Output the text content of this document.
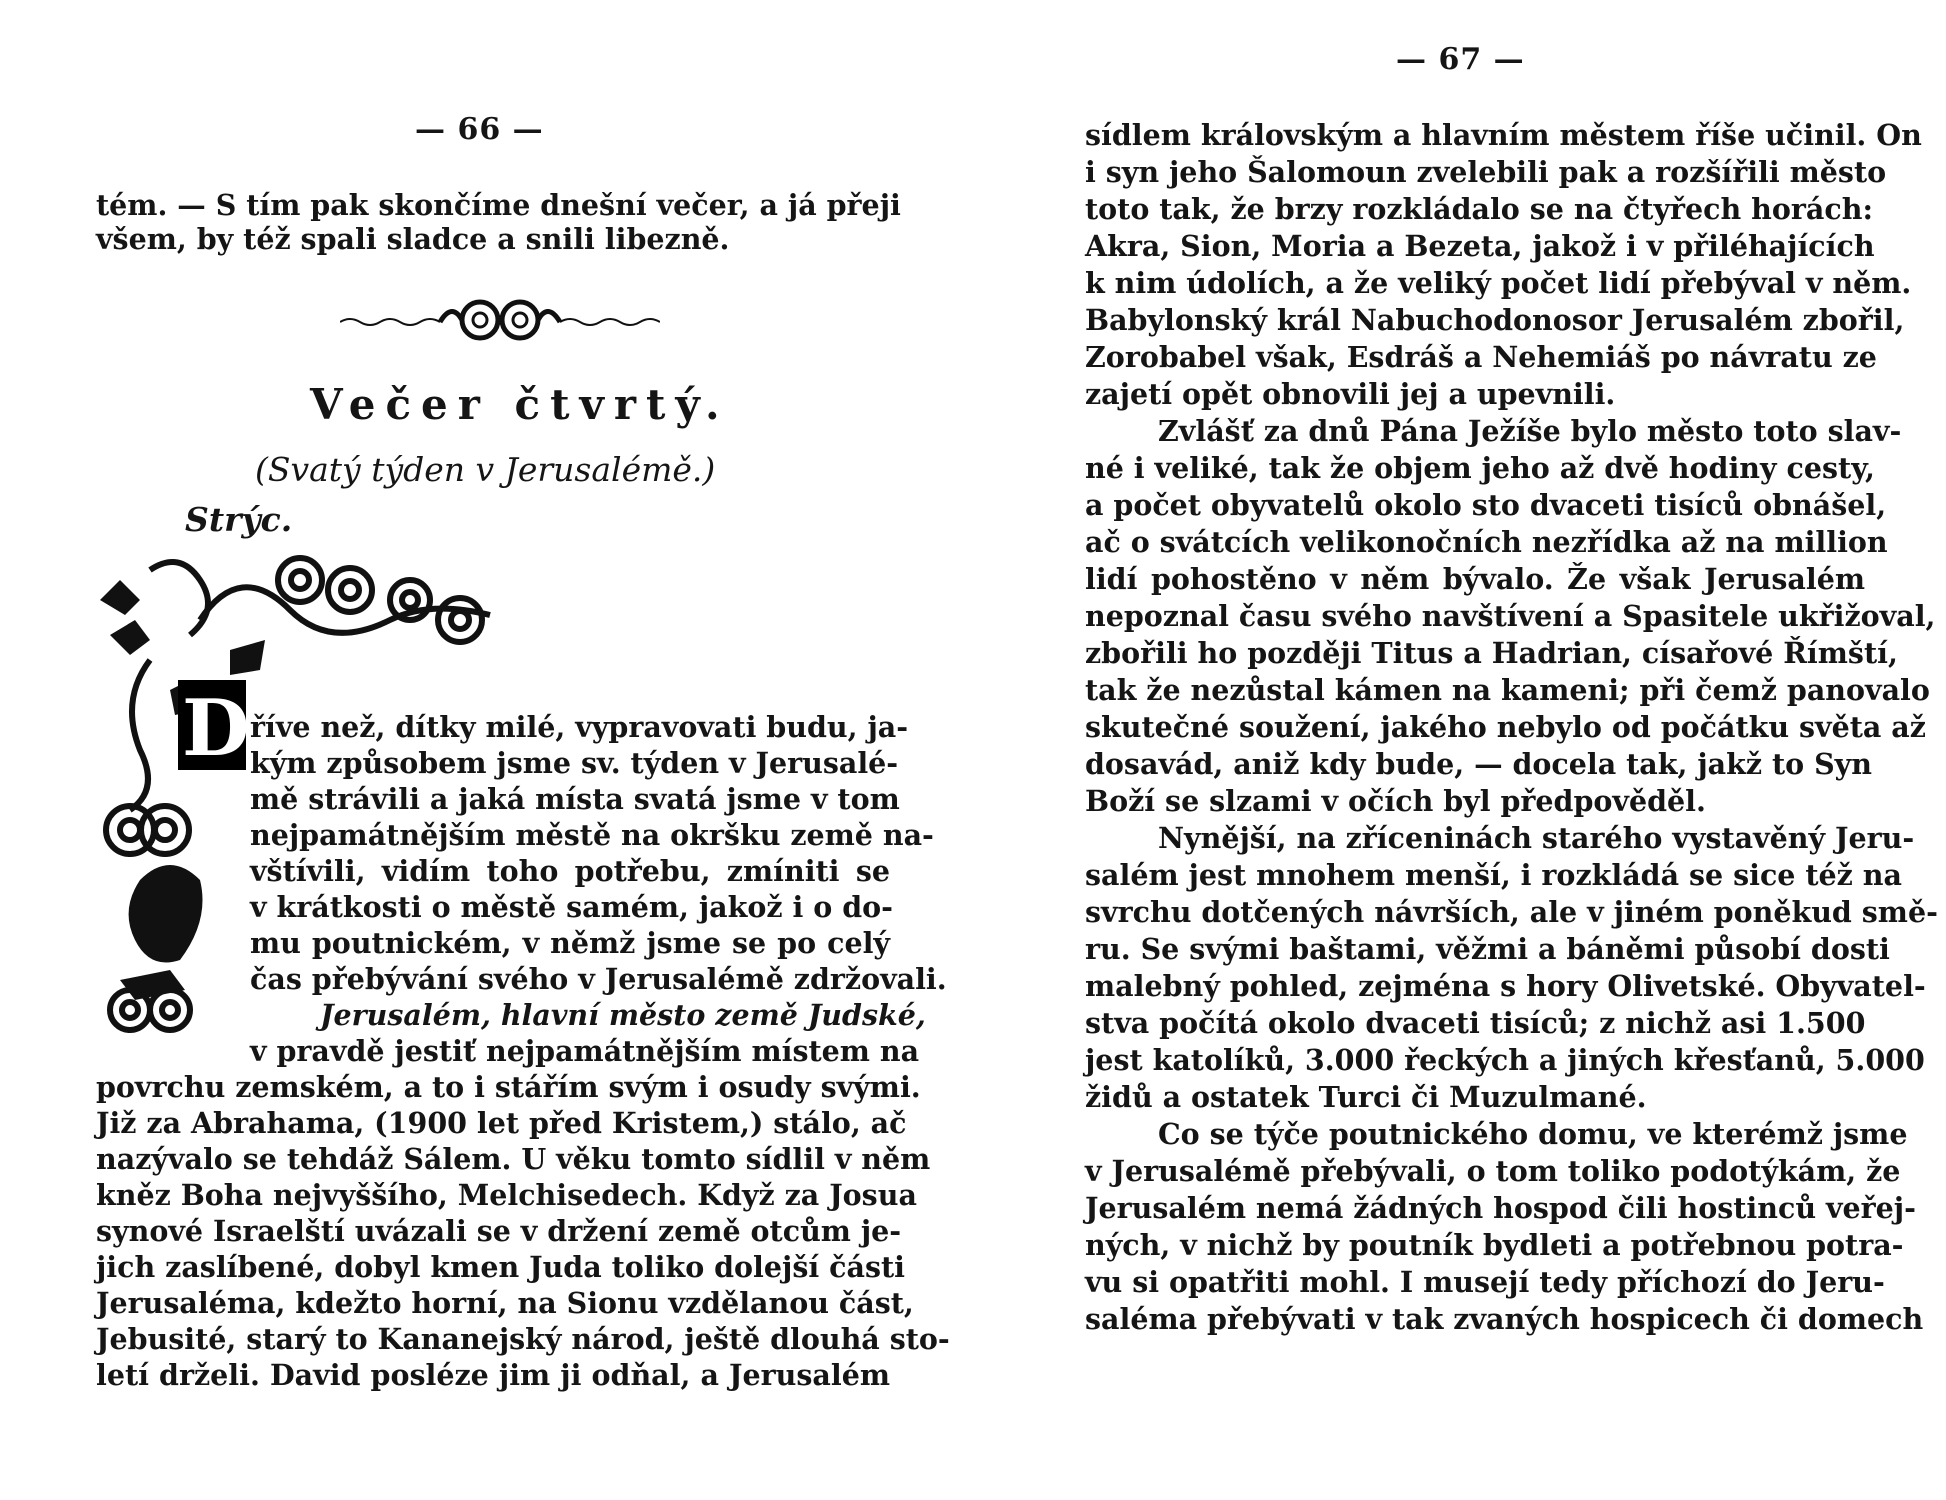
— 66 —
tém. — S tím pak skončíme dnešní večer, a já přeji
všem, by též spali sladce a snili libezně.
Večer čtvrtý.
(Svatý týden v Jerusalémě.)
Strýc.
D říve než, dítky milé, vypravovati budu, ja-
kým způsobem jsme sv. týden v Jerusalé-
mě strávili a jaká místa svatá jsme v tom
nejpamátnějším městě na okršku země na-
vštívili, vidím toho potřebu, zmíniti se
v krátkosti o městě samém, jakož i o do-
mu poutnickém, v němž jsme se po celý
čas přebývání svého v Jerusalémě zdržovali.
Jerusalém, hlavní město země Judské,
v pravdě jestiť nejpamátnějším místem na
povrchu zemském, a to i stářím svým i osudy svými.
Již za Abrahama, (1900 let před Kristem,) stálo, ač
nazývalo se tehdáž Sálem. U věku tomto sídlil v něm
kněz Boha nejvyššího, Melchisedech. Když za Josua
synové Israelští uvázali se v držení země otcům je-
jich zaslíbené, dobyl kmen Juda toliko dolejší části
Jerusaléma, kdežto horní, na Sionu vzdělanou část,
Jebusité, starý to Kananejský národ, ještě dlouhá sto-
letí drželi. David posléze jim ji odňal, a Jerusalém
— 67 —
sídlem královským a hlavním městem říše učinil. On
i syn jeho Šalomoun zvelebili pak a rozšířili město
toto tak, že brzy rozkládalo se na čtyřech horách:
Akra, Sion, Moria a Bezeta, jakož i v přiléhajících
k nim údolích, a že veliký počet lidí přebýval v něm.
Babylonský král Nabuchodonosor Jerusalém zbořil,
Zorobabel však, Esdráš a Nehemiáš po návratu ze
zajetí opět obnovili jej a upevnili.
Zvlášť za dnů Pána Ježíše bylo město toto slav-
né i veliké, tak že objem jeho až dvě hodiny cesty,
a počet obyvatelů okolo sto dvaceti tisíců obnášel,
ač o svátcích velikonočních nezřídka až na million
lidí pohostěno v něm bývalo. Že však Jerusalém
nepoznal času svého navštívení a Spasitele ukřižoval,
zbořili ho později Titus a Hadrian, císařové Římští,
tak že nezůstal kámen na kameni; při čemž panovalo
skutečné soužení, jakého nebylo od počátku světa až
dosavád, aniž kdy bude, — docela tak, jakž to Syn
Boží se slzami v očích byl předpověděl.
Nynější, na zříceninách starého vystavěný Jeru-
salém jest mnohem menší, i rozkládá se sice též na
svrchu dotčených návrších, ale v jiném poněkud smě-
ru. Se svými baštami, věžmi a báněmi působí dosti
malebný pohled, zejména s hory Olivetské. Obyvatel-
stva počítá okolo dvaceti tisíců; z nichž asi 1.500
jest katolíků, 3.000 řeckých a jiných křesťanů, 5.000
židů a ostatek Turci či Muzulmané.
Co se týče poutnického domu, ve kterémž jsme
v Jerusalémě přebývali, o tom toliko podotýkám, že
Jerusalém nemá žádných hospod čili hostinců veřej-
ných, v nichž by poutník bydleti a potřebnou potra-
vu si opatřiti mohl. I musejí tedy příchozí do Jeru-
saléma přebývati v tak zvaných hospicech či domech
